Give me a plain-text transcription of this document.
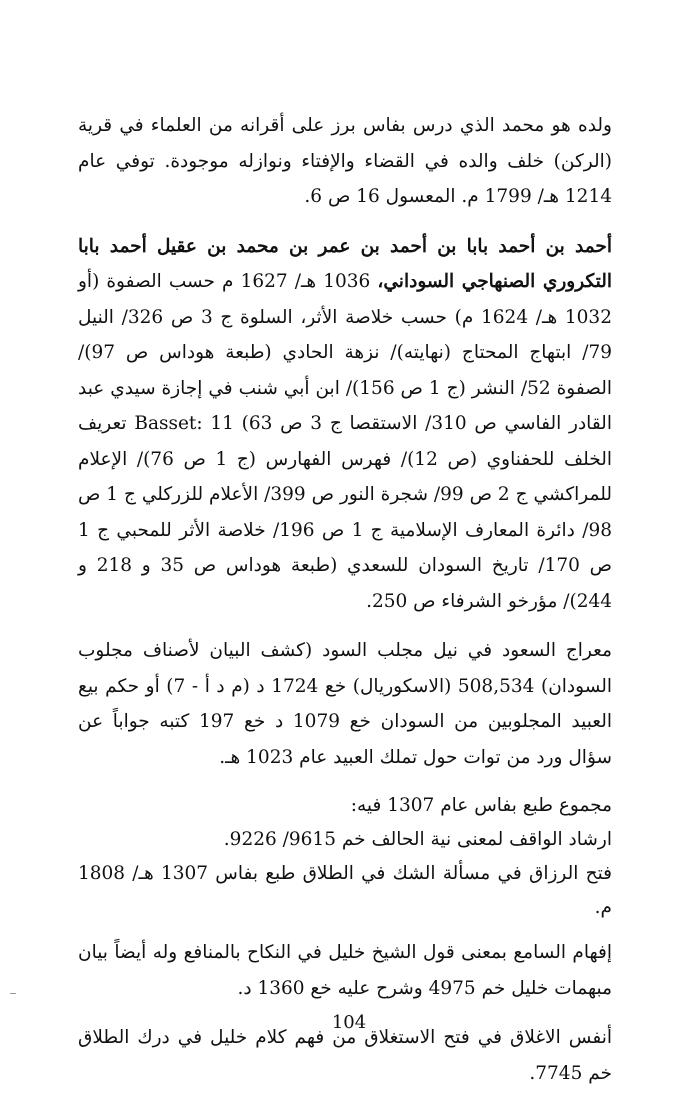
ولده هو محمد الذي درس بفاس برز على أقرانه من العلماء في قرية (الركن) خلف والده في القضاء والإفتاء ونوازله موجودة. توفي عام 1214 هـ/ 1799 م. المعسول 16 ص 6.

أحمد بن أحمد بابا بن أحمد بن عمر بن محمد بن عقيل أحمد بابا التكروري الصنهاجي السوداني، 1036 هـ/ 1627 م حسب الصفوة (أو 1032 هـ/ 1624 م) حسب خلاصة الأثر، السلوة ج 3 ص 326/ النيل 79/ ابتهاج المحتاج (نهايته)/ نزهة الحادي (طبعة هوداس ص 97)/ الصفوة 52/ النشر (ج 1 ص 156)/ ابن أبي شنب في إجازة سيدي عبد القادر الفاسي ص 310/ الاستقصا ج 3 ص 63) Basset: 11 تعريف الخلف للحفناوي (ص 12)/ فهرس الفهارس (ج 1 ص 76)/ الإعلام للمراكشي ج 2 ص 99/ شجرة النور ص 399/ الأعلام للزركلي ج 1 ص 98/ دائرة المعارف الإسلامية ج 1 ص 196/ خلاصة الأثر للمحبي ج 1 ص 170/ تاريخ السودان للسعدي (طبعة هوداس ص 35 و 218 و 244)/ مؤرخو الشرفاء ص 250.

معراج السعود في نيل مجلب السود (كشف البيان لأصناف مجلوب السودان) 508,534 (الاسكوريال) خع 1724 د (م د أ - 7) أو حكم بيع العبيد المجلوبين من السودان خع 1079 د خع 197 كتبه جواباً عن سؤال ورد من توات حول تملك العبيد عام 1023 هـ.

مجموع طبع بفاس عام 1307 فيه:

ارشاد الواقف لمعنى نية الحالف خم 9615/ 9226.

فتح الرزاق في مسألة الشك في الطلاق طبع بفاس 1307 هـ/ 1808 م.

إفهام السامع بمعنى قول الشيخ خليل في النكاح بالمنافع وله أيضاً بيان مبهمات خليل خم 4975 وشرح عليه خع 1360 د.

أنفس الاغلاق في فتح الاستغلاق من فهم كلام خليل في درك الطلاق خم 7745.

104
